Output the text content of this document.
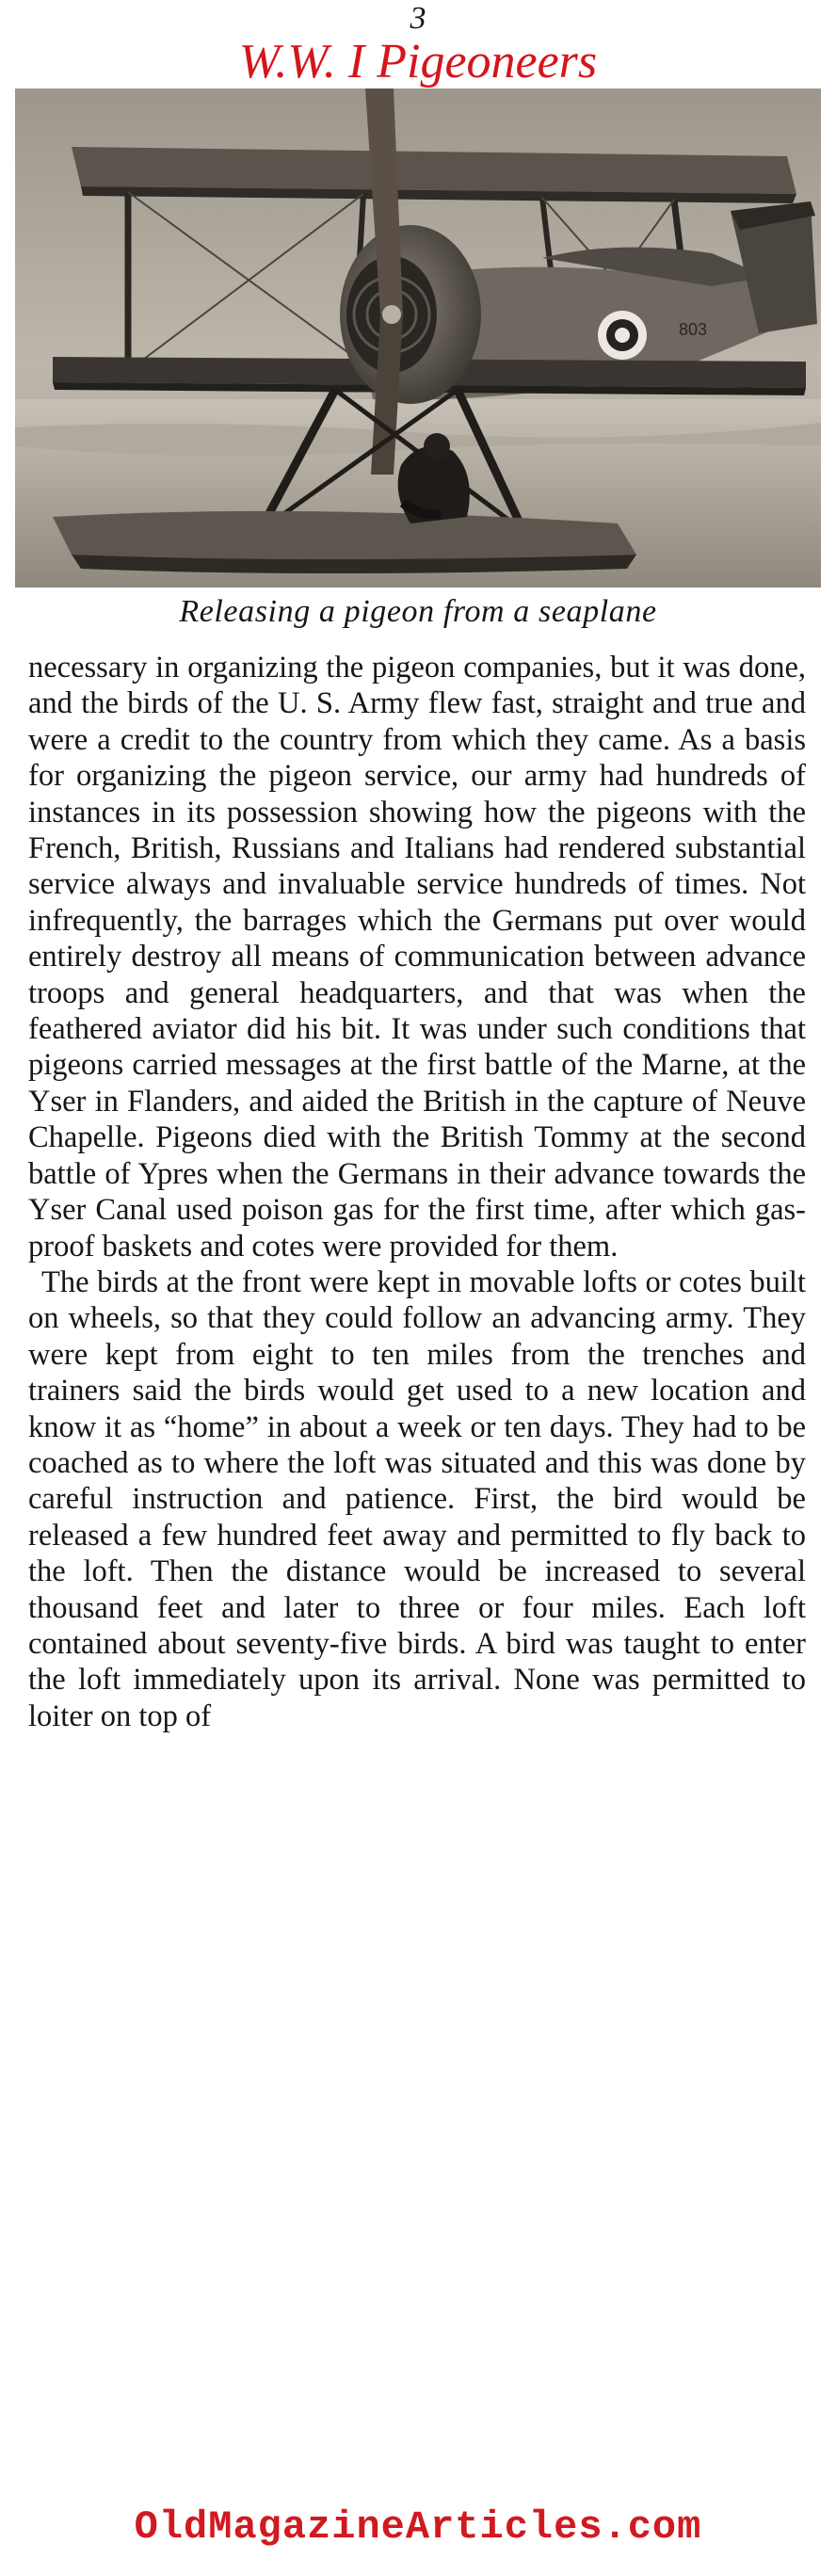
3
W.W. I Pigeoneers
803
Releasing a pigeon from a seaplane

necessary in organizing the pigeon companies, but it was done, and the birds of the U. S. Army flew fast, straight and true and were a credit to the country from which they came. As a basis for organizing the pigeon service, our army had hundreds of instances in its possession showing how the pigeons with the French, British, Russians and Italians had rendered substantial service always and invaluable service hundreds of times. Not infrequently, the barrages which the Germans put over would entirely destroy all means of communication between advance troops and general headquarters, and that was when the feathered aviator did his bit. It was under such conditions that pigeons carried messages at the first battle of the Marne, at the Yser in Flanders, and aided the British in the capture of Neuve Chapelle. Pigeons died with the British Tommy at the second battle of Ypres when the Germans in their advance towards the Yser Canal used poison gas for the first time, after which gas-proof baskets and cotes were provided for them.

The birds at the front were kept in movable lofts or cotes built on wheels, so that they could follow an advancing army. They were kept from eight to ten miles from the trenches and trainers said the birds would get used to a new location and know it as “home” in about a week or ten days. They had to be coached as to where the loft was situated and this was done by careful instruction and patience. First, the bird would be released a few hundred feet away and permitted to fly back to the loft. Then the distance would be increased to several thousand feet and later to three or four miles. Each loft contained about seventy-five birds. A bird was taught to enter the loft immediately upon its arrival. None was permitted to loiter on top of

OldMagazineArticles.com
